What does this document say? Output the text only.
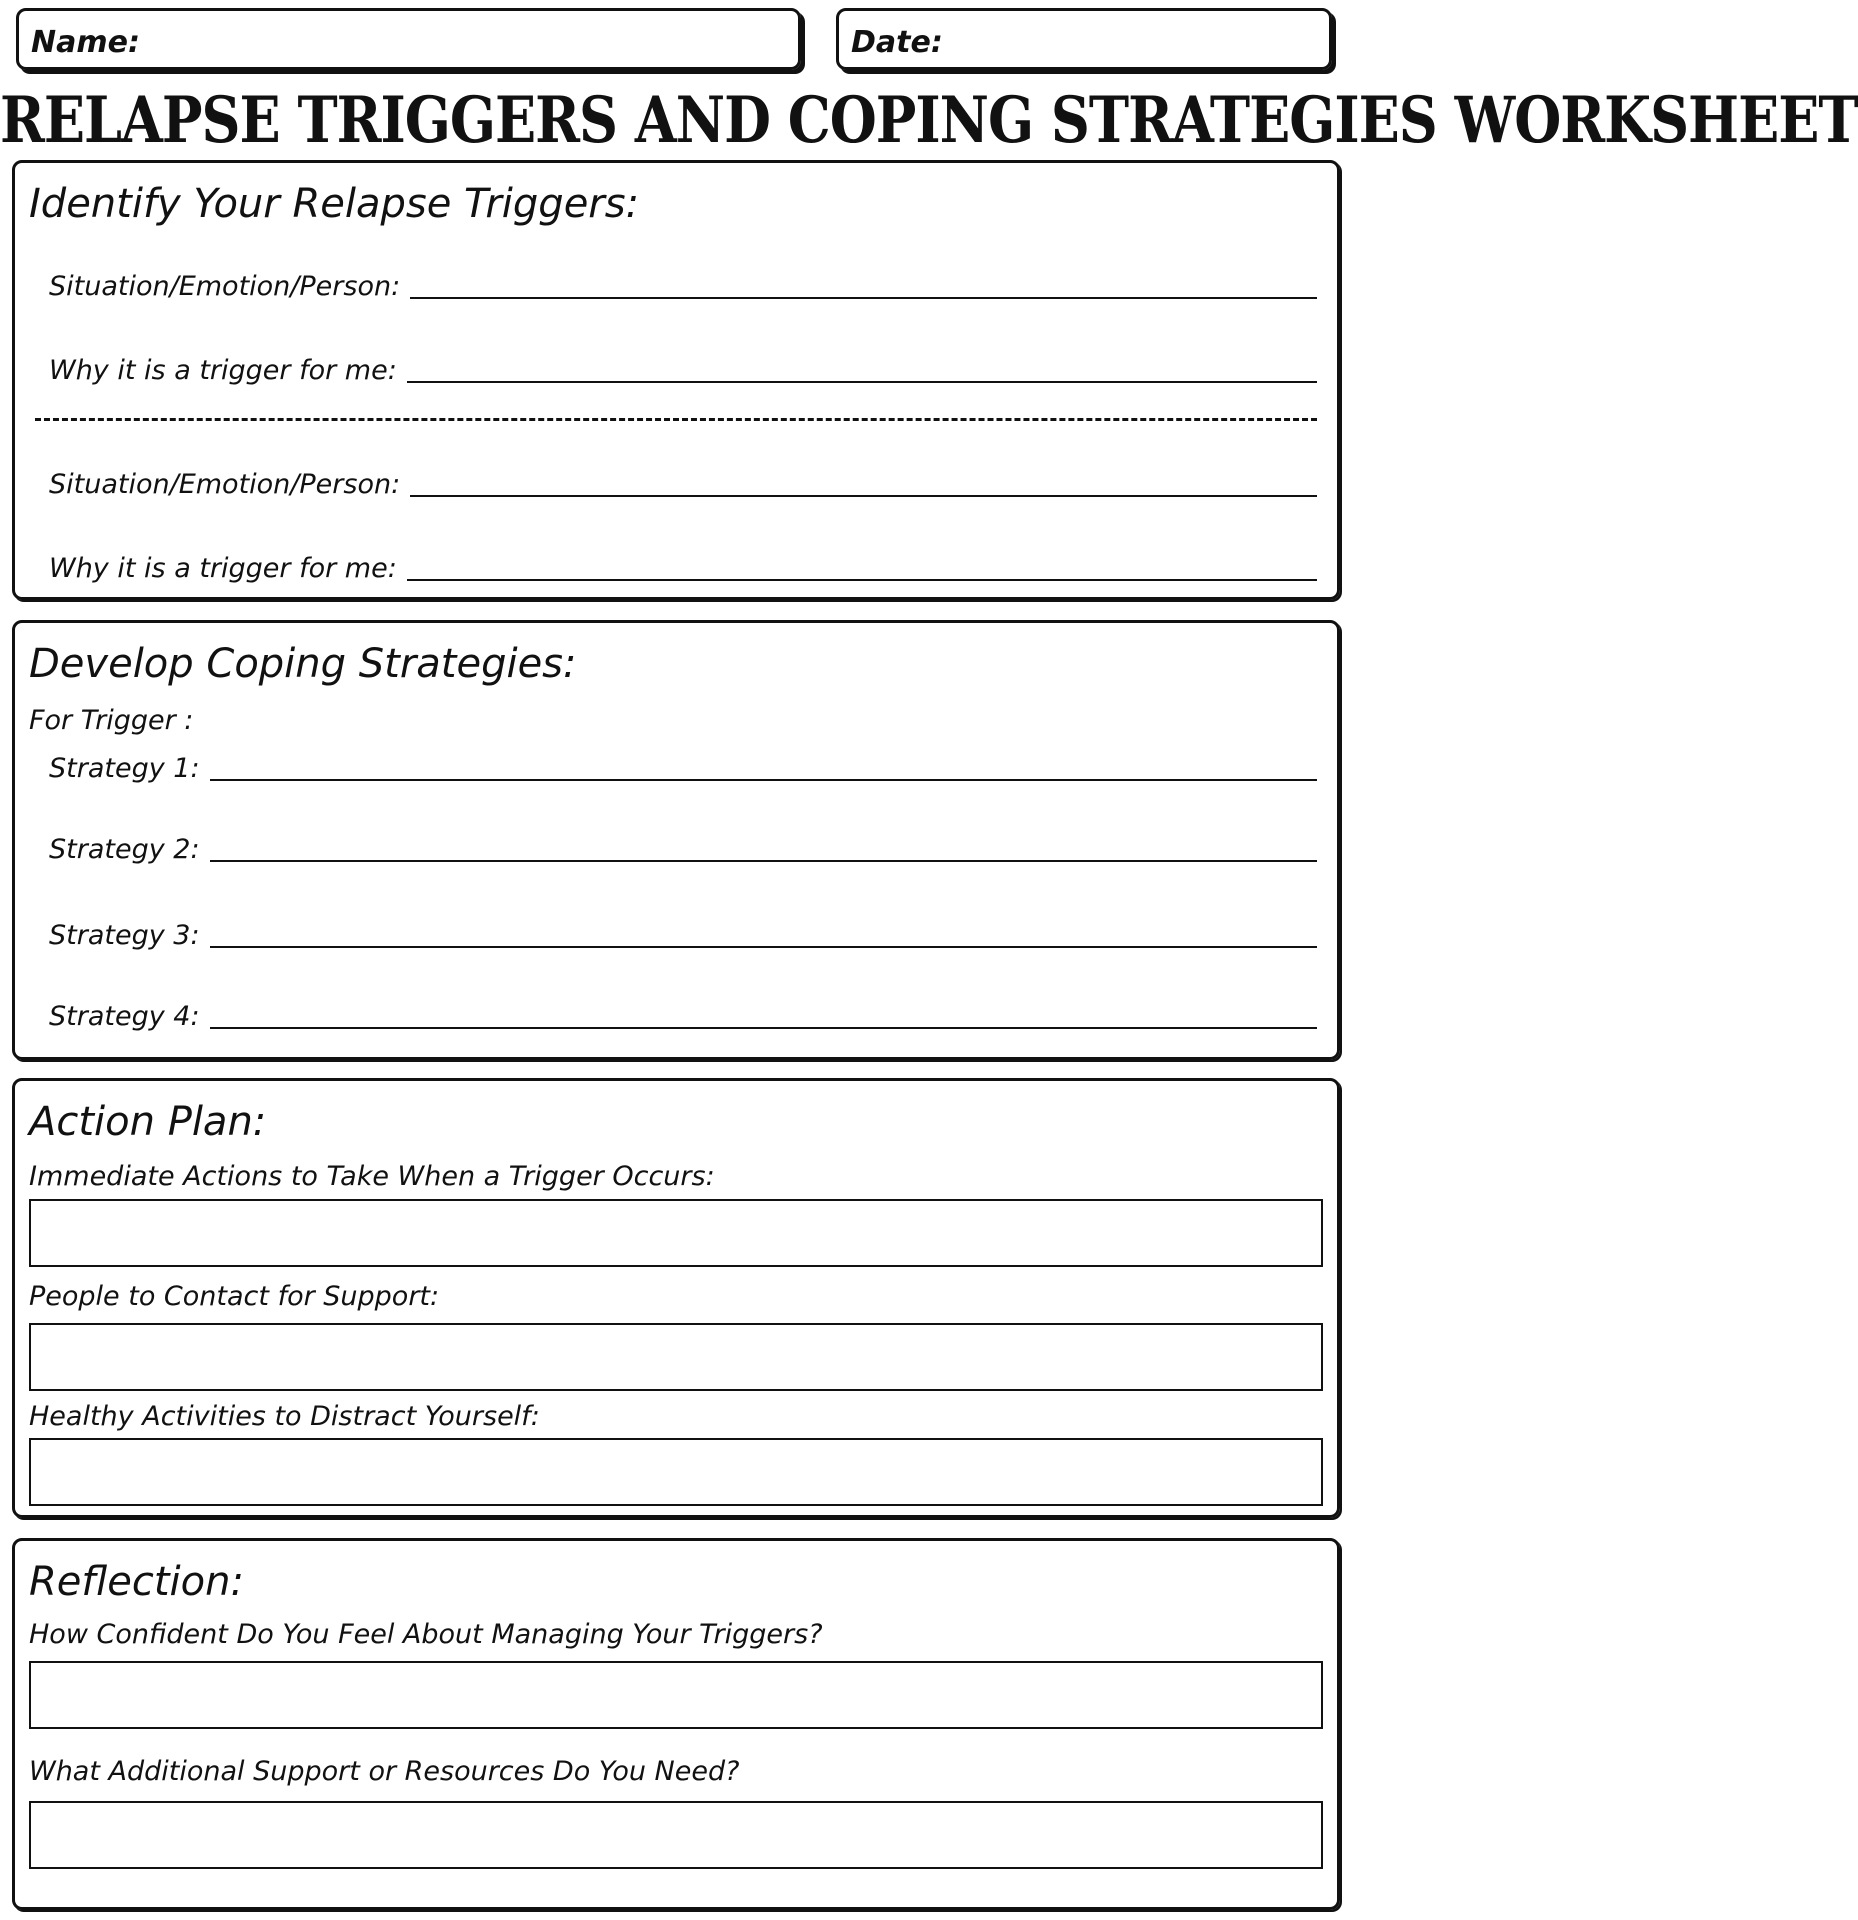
Name:	Date:
RELAPSE TRIGGERS AND COPING STRATEGIES WORKSHEET
Identify Your Relapse Triggers:
Situation/Emotion/Person:
Why it is a trigger for me:
Situation/Emotion/Person:
Why it is a trigger for me:
Develop Coping Strategies:
For Trigger :
Strategy 1:
Strategy 2:
Strategy 3:
Strategy 4:
Action Plan:
Immediate Actions to Take When a Trigger Occurs:
People to Contact for Support:
Healthy Activities to Distract Yourself:
Reflection:
How Confident Do You Feel About Managing Your Triggers?
What Additional Support or Resources Do You Need?
